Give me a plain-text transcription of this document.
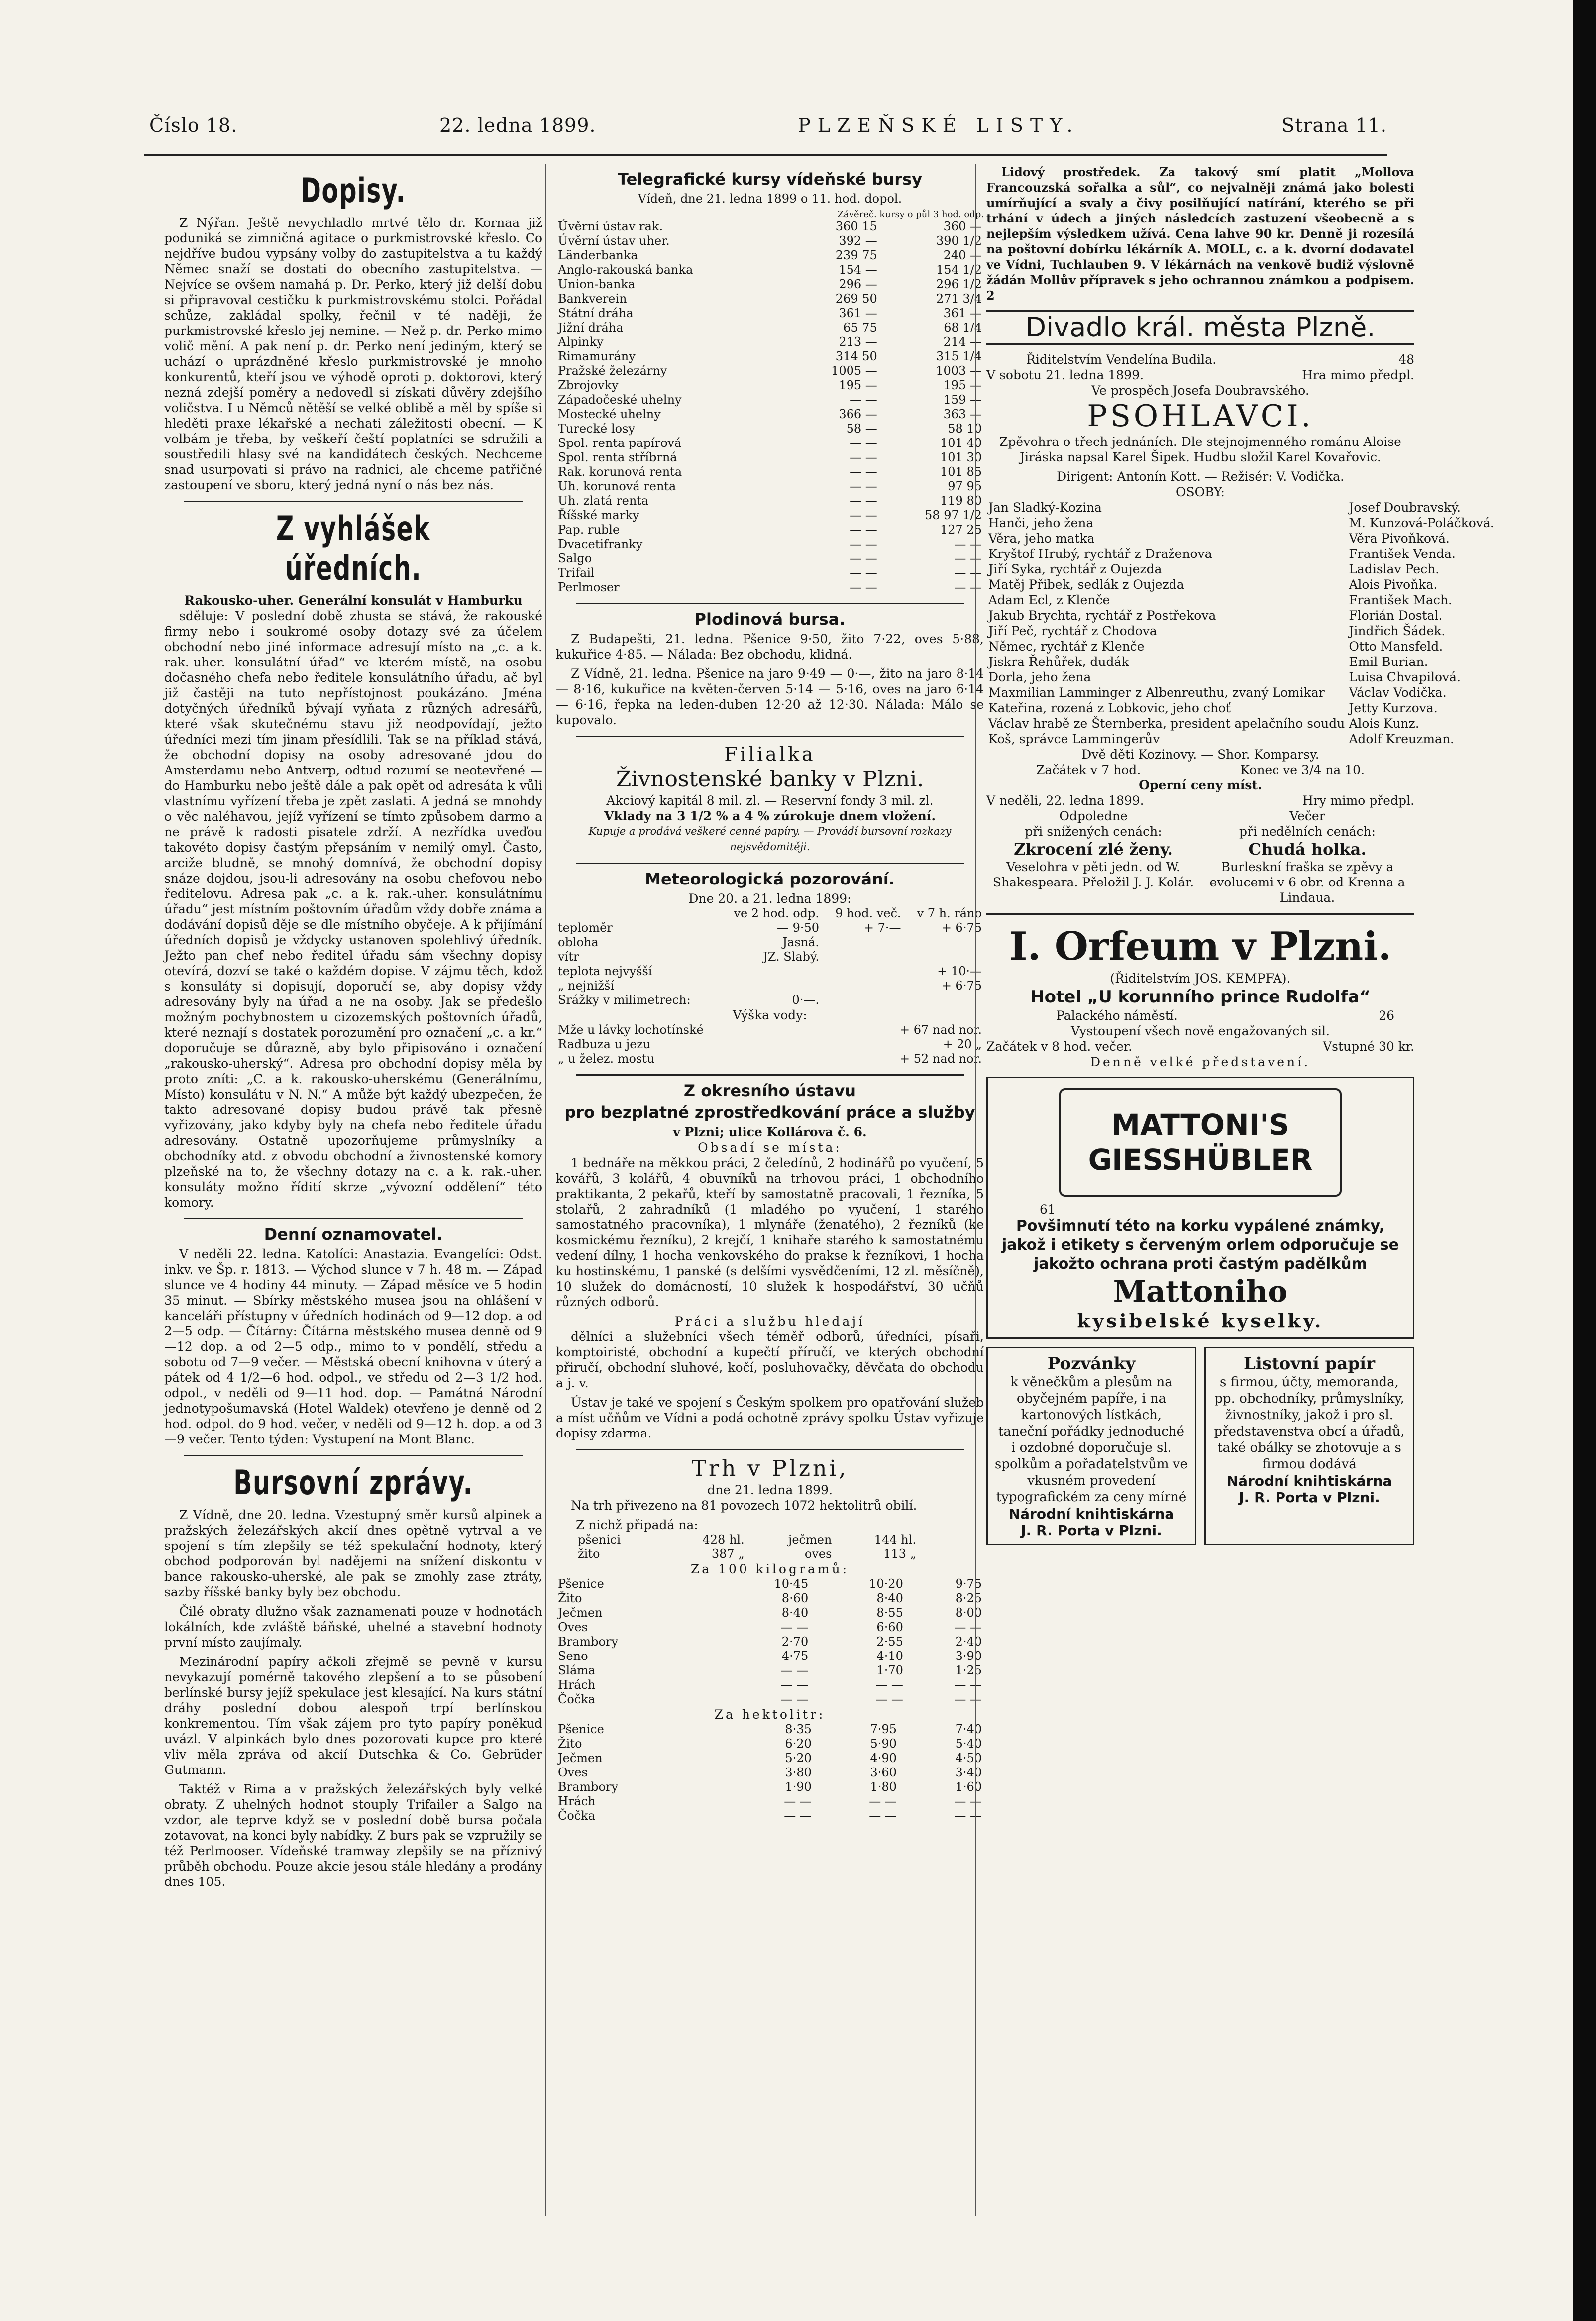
Číslo 18.	22. ledna 1899.	PLZEŇSKÉ LISTY.	Strana 11.
Dopisy.

Z Nýřan. Ještě nevychladlo mrtvé tělo dr. Kornaa již poduniká se zimničná agitace o purkmistrovské křeslo. Co nejdříve budou vypsány volby do zastupitelstva a tu každý Němec snaží se dostati do obecního zastupitelstva. — Nejvíce se ovšem namahá p. Dr. Perko, který již delší dobu si připravoval cestičku k purkmistrovskému stolci. Pořádal schůze, zakládal spolky, řečnil v té naději, že purkmistrovské křeslo jej nemine. — Než p. dr. Perko mimo volič mění. A pak není p. dr. Perko není jediným, který se uchází o uprázdněné křeslo purkmistrovské je mnoho konkurentů, kteří jsou ve výhodě oproti p. doktorovi, který nezná zdejší poměry a nedovedl si získati důvěry zdejšího voličstva. I u Němců nětěší se velké oblibě a měl by spíše si hleděti praxe lékařské a nechati záležitosti obecní. — K volbám je třeba, by veškeří čeští poplatníci se sdružili a soustředili hlasy své na kandidátech českých. Nechceme snad usurpovati si právo na radnici, ale chceme patřičné zastoupení ve sboru, který jedná nyní o nás bez nás.

Z vyhlášek úředních.
Rakousko-uher. Generální konsulát v Hamburku

sděluje: V poslední době zhusta se stává, že rakouské firmy nebo i soukromé osoby dotazy své za účelem obchodní nebo jiné informace adresují místo na „c. a k. rak.-uher. konsulátní úřad“ ve kterém místě, na osobu dočasného chefa nebo ředitele konsulátního úřadu, ač byl již častěji na tuto nepřístojnost poukázáno. Jména dotyčných úředníků bývají vyňata z různých adresářů, které však skutečnému stavu již neodpovídají, ježto úředníci mezi tím jinam přesídlili. Tak se na příklad stává, že obchodní dopisy na osoby adresované jdou do Amsterdamu nebo Antverp, odtud rozumí se neotevřené — do Hamburku nebo ještě dále a pak opět od adresáta k vůli vlastnímu vyřízení třeba je zpět zaslati. A jedná se mnohdy o věc naléhavou, jejíž vyřízení se tímto způsobem darmo a ne právě k radosti pisatele zdrží. A nezřídka uveďou takovéto dopisy častým přepsáním v nemilý omyl. Často, arciže bludně, se mnohý domnívá, že obchodní dopisy snáze dojdou, jsou-li adresovány na osobu chefovou nebo ředitelovu. Adresa pak „c. a k. rak.-uher. konsulátnímu úřadu“ jest místním poštovním úřadům vždy dobře známa a dodávání dopisů děje se dle místního obyčeje. A k přijímání úředních dopisů je vždycky ustanoven spolehlivý úředník. Ježto pan chef nebo ředitel úřadu sám všechny dopisy otevírá, dozví se také o každém dopise. V zájmu těch, kdož s konsuláty si dopisují, doporučí se, aby dopisy vždy adresovány byly na úřad a ne na osoby. Jak se předešlo možným pochybnostem u cizozemských poštovních úřadů, které neznají s dostatek porozumění pro označení „c. a kr.“ doporučuje se důrazně, aby bylo připisováno i označení „rakousko-uherský“. Adresa pro obchodní dopisy měla by proto zníti: „C. a k. rakousko-uherskému (Generálnímu, Místo) konsulátu v N. N.“ A může být každý ubezpečen, že takto adresované dopisy budou právě tak přesně vyřizovány, jako kdyby byly na chefa nebo ředitele úřadu adresovány. Ostatně upozorňujeme průmyslníky a obchodníky atd. z obvodu obchodní a živnostenské komory plzeňské na to, že všechny dotazy na c. a k. rak.-uher. konsuláty možno řídití skrze „vývozní oddělení“ této komory.

Denní oznamovatel.

V neděli 22. ledna. Katolíci: Anastazia. Evangelíci: Odst. inkv. ve Šp. r. 1813. — Východ slunce v 7 h. 48 m. — Západ slunce ve 4 hodiny 44 minuty. — Západ měsíce ve 5 hodin 35 minut. — Sbírky městského musea jsou na ohlášení v kanceláři přístupny v úředních hodinách od 9—12 dop. a od 2—5 odp. — Čítárny: Čítárna městského musea denně od 9—12 dop. a od 2—5 odp., mimo to v pondělí, středu a sobotu od 7—9 večer. — Městská obecní knihovna v úterý a pátek od 4 1/2—6 hod. odpol., ve středu od 2—3 1/2 hod. odpol., v neděli od 9—11 hod. dop. — Památná Národní jednotypošumavská (Hotel Waldek) otevřeno je denně od 2 hod. odpol. do 9 hod. večer, v neděli od 9—12 h. dop. a od 3—9 večer. Tento týden: Vystupení na Mont Blanc.

Bursovní zprávy.

Z Vídně, dne 20. ledna. Vzestupný směr kursů alpinek a pražských železářských akcií dnes opětně vytrval a ve spojení s tím zlepšily se též spekulační hodnoty, který obchod podporován byl nadějemi na snížení diskontu v bance rakousko-uherské, ale pak se zmohly zase ztráty, sazby říšské banky byly bez obchodu.

Čilé obraty dlužno však zaznamenati pouze v hodnotách lokálních, kde zvláště báňské, uhelné a stavební hodnoty první místo zaujímaly.

Mezinárodní papíry ačkoli zřejmě se pevně v kursu nevykazují pomérně takového zlepšení a to se působení berlínské bursy jejíž spekulace jest klesající. Na kurs státní dráhy poslední dobou alespoň trpí berlínskou konkrementou. Tím však zájem pro tyto papíry poněkud uvázl. V alpinkách bylo dnes pozorovati kupce pro které vliv měla zpráva od akcií Dutschka & Co. Gebrüder Gutmann.

Taktéž v Rima a v pražských železářských byly velké obraty. Z uhelných hodnot stouply Trifailer a Salgo na vzdor, ale teprve když se v poslední době bursa počala zotavovat, na konci byly nabídky. Z burs pak se vzpružily se též Perlmooser. Vídeňské tramway zlepšily se na příznivý průběh obchodu. Pouze akcie jesou stále hledány a prodány dnes 105.

Telegrafické kursy vídeňské bursy
Vídeň, dne 21. ledna 1899 o 11. hod. dopol.
Závěreč. kursy o půl 3 hod. odp.
Úvěrní ústav rak.	360 15	360 —
Úvěrní ústav uher.	392 —	390 1/2
Länderbanka	239 75	240 —
Anglo-rakouská banka	154 —	154 1/2
Union-banka	296 —	296 1/2
Bankverein	269 50	271 3/4
Státní dráha	361 —	361 —
Jižní dráha	65 75	68 1/4
Alpinky	213 —	214 —
Rimamurány	314 50	315 1/4
Pražské železárny	1005 —	1003 —
Zbrojovky	195 —	195 —
Západočeské uhelny	— —	159 —
Mostecké uhelny	366 —	363 —
Turecké losy	58 —	58 10
Spol. renta papírová	— —	101 40
Spol. renta stříbrná	— —	101 30
Rak. korunová renta	— —	101 85
Uh. korunová renta	— —	97 95
Uh. zlatá renta	— —	119 80
Říšské marky	— —	58 97 1/2
Pap. ruble	— —	127 25
Dvacetifranky	— —	— —
Salgo	— —	— —
Trifail	— —	— —
Perlmoser	— —	— —
Plodinová bursa.

Z Budapešti, 21. ledna. Pšenice 9·50, žito 7·22, oves 5·88, kukuřice 4·85. — Nálada: Bez obchodu, klidná.

Z Vídně, 21. ledna. Pšenice na jaro 9·49 — 0·—, žito na jaro 8·14 — 8·16, kukuřice na květen-červen 5·14 — 5·16, oves na jaro 6·14 — 6·16, řepka na leden-duben 12·20 až 12·30. Nálada: Málo se kupovalo.

Filialka
Živnostenské banky v Plzni.
Akciový kapitál 8 mil. zl. — Reservní fondy 3 mil. zl.
Vklady na 3 1/2 % a 4 % zúrokuje dnem vložení.
Kupuje a prodává veškeré cenné papíry. — Provádí bursovní rozkazy nejsvědomitěji.
Meteorologická pozorování.
Dne 20. a 21. ledna 1899:
	ve 2 hod. odp.	9 hod. več.	v 7 h. ráno
teploměr	— 9·50	+ 7·—	+ 6·75
obloha	Jasná.		
vítr	JZ. Slabý.		
teplota nejvyšší			+ 10·—
„ nejnižší			+ 6·75
Srážky v milimetrech:	0·—.		
Výška vody:
Mže u lávky lochotínské	+ 67 nad nor.
Radbuza u jezu	+ 20 „
„ u želez. mostu	+ 52 nad nor.
Z okresního ústavu
pro bezplatné zprostředkování práce a služby
v Plzni; ulice Kollárova č. 6.
Obsadí se místa:

1 bednáře na měkkou práci, 2 čeledínů, 2 hodinářů po vyučení, 5 kovářů, 3 kolářů, 4 obuvníků na trhovou práci, 1 obchodního praktikanta, 2 pekařů, kteří by samostatně pracovali, 1 řezníka, 5 stolařů, 2 zahradníků (1 mladého po vyučení, 1 starého samostatného pracovníka), 1 mlynáře (ženatého), 2 řezníků (ke kosmickému řezníku), 2 krejčí, 1 knihaře starého k samostatnému vedení dílny, 1 hocha venkovského do prakse k řezníkovi, 1 hocha ku hostinskému, 1 panské (s delšími vysvědčeními, 12 zl. měsíčně), 10 služek do domácností, 10 služek k hospodářství, 30 učňů různých odborů.

Práci a službu hledají

dělníci a služebníci všech téměř odborů, úředníci, písaři, komptoiristé, obchodní a kupečtí příručí, ve kterých obchodní přiručí, obchodní sluhové, kočí, posluhovačky, děvčata do obchodu a j. v.

Ústav je také ve spojení s Českým spolkem pro opatřování služeb a míst učňům ve Vídni a podá ochotně zprávy spolku Ústav vyřizuje dopisy zdarma.

Trh v Plzni,
dne 21. ledna 1899.

Na trh přivezeno na 81 povozech 1072 hektolitrů obilí.

Z nichž připadá na:
pšenici	428 hl.	ječmen	144 hl.
žito	387 „	oves	113 „
Za 100 kilogramů:
Pšenice	10·45	10·20	9·75
Žito	8·60	8·40	8·25
Ječmen	8·40	8·55	8·00
Oves	— —	6·60	— —
Brambory	2·70	2·55	2·40
Seno	4·75	4·10	3·90
Sláma	— —	1·70	1·25
Hrách	— —	— —	— —
Čočka	— —	— —	— —
Za hektolitr:
Pšenice	8·35	7·95	7·40
Žito	6·20	5·90	5·40
Ječmen	5·20	4·90	4·50
Oves	3·80	3·60	3·40
Brambory	1·90	1·80	1·60
Hrách	— —	— —	— —
Čočka	— —	— —	— —

Lidový prostředek. Za takový smí platit „Mollova Francouzská sořalka a sůl“, co nejvalněji známá jako bolesti umírňující a svaly a čivy posilňující natírání, kterého se při trhání v údech a jiných následcích zastuzení všeobecně a s nejlepším výsledkem užívá. Cena lahve 90 kr. Denně ji rozesílá na poštovní dobírku lékárník A. MOLL, c. a k. dvorní dodavatel ve Vídni, Tuchlauben 9. V lékárnách na venkově budiž výslovně žádán Mollův přípravek s jeho ochrannou známkou a podpisem. 2

Divadlo král. města Plzně.
Řiditelstvím Vendelína Budila.	48
V sobotu 21. ledna 1899.	Hra mimo předpl.
Ve prospěch Josefa Doubravského.
PSOHLAVCI.

Zpěvohra o třech jednáních. Dle stejnojmenného románu Aloise Jiráska napsal Karel Šipek. Hudbu složil Karel Kovařovic.

Dirigent: Antonín Kott. — Režisér: V. Vodička.
OSOBY:
Jan Sladký-Kozina	Josef Doubravský.
Hanči, jeho žena	M. Kunzová-Poláčková.
Věra, jeho matka	Věra Pivoňková.
Kryštof Hrubý, rychtář z Draženova	František Venda.
Jiří Syka, rychtář z Oujezda	Ladislav Pech.
Matěj Přibek, sedlák z Oujezda	Alois Pivoňka.
Adam Ecl, z Klenče	František Mach.
Jakub Brychta, rychtář z Postřekova	Florián Dostal.
Jiří Peč, rychtář z Chodova	Jindřich Šádek.
Němec, rychtář z Klenče	Otto Mansfeld.
Jiskra Řehůřek, dudák	Emil Burian.
Dorla, jeho žena	Luisa Chvapilová.
Maxmilian Lamminger z Albenreuthu, zvaný Lomikar	Václav Vodička.
Kateřina, rozená z Lobkovic, jeho choť	Jetty Kurzova.
Václav hrabě ze Šternberka, president apelačního soudu	Alois Kunz.
Koš, správce Lammingerův	Adolf Kreuzman.
Dvě děti Kozinovy. — Shor. Komparsy.
Začátek v 7 hod.	Konec ve 3/4 na 10.
Operní ceny míst.
V neděli, 22. ledna 1899.	Hry mimo předpl.
Odpoledne
při snížených cenách:
Zkrocení zlé ženy.
Veselohra v pěti jedn. od W. Shakespeara. Přeložil J. J. Kolár.
Večer
při nedělních cenách:
Chudá holka.
Burleskní fraška se zpěvy a evolucemi v 6 obr. od Krenna a Lindaua.
I. Orfeum v Plzni.
(Řiditelstvím JOS. KEMPFA).
Hotel „U korunního prince Rudolfa“
Palackého náměstí.	26
Vystoupení všech nově engažovaných sil.
Začátek v 8 hod. večer.	Vstupné 30 kr.
Denně velké představení.
MATTONI'S
GIESSHÜBLER
61
Povšimnutí této na korku vypálené známky, jakož i etikety s červeným orlem odporučuje se jakožto ochrana proti častým padělkům
Mattoniho
kysibelské kyselky.
Pozvánky
k věnečkům a plesům na obyčejném papíře, i na kartonových lístkách, taneční pořádky jednoduché i ozdobné doporučuje sl. spolkům a pořadatelstvům ve vkusném provedení typografickém za ceny mírné
Národní knihtiskárna
J. R. Porta v Plzni.
Listovní papír
s firmou, účty, memoranda, pp. obchodníky, průmyslníky, živnostníky, jakož i pro sl. představenstva obcí a úřadů, také obálky se zhotovuje a s firmou dodává
Národní knihtiskárna
J. R. Porta v Plzni.
